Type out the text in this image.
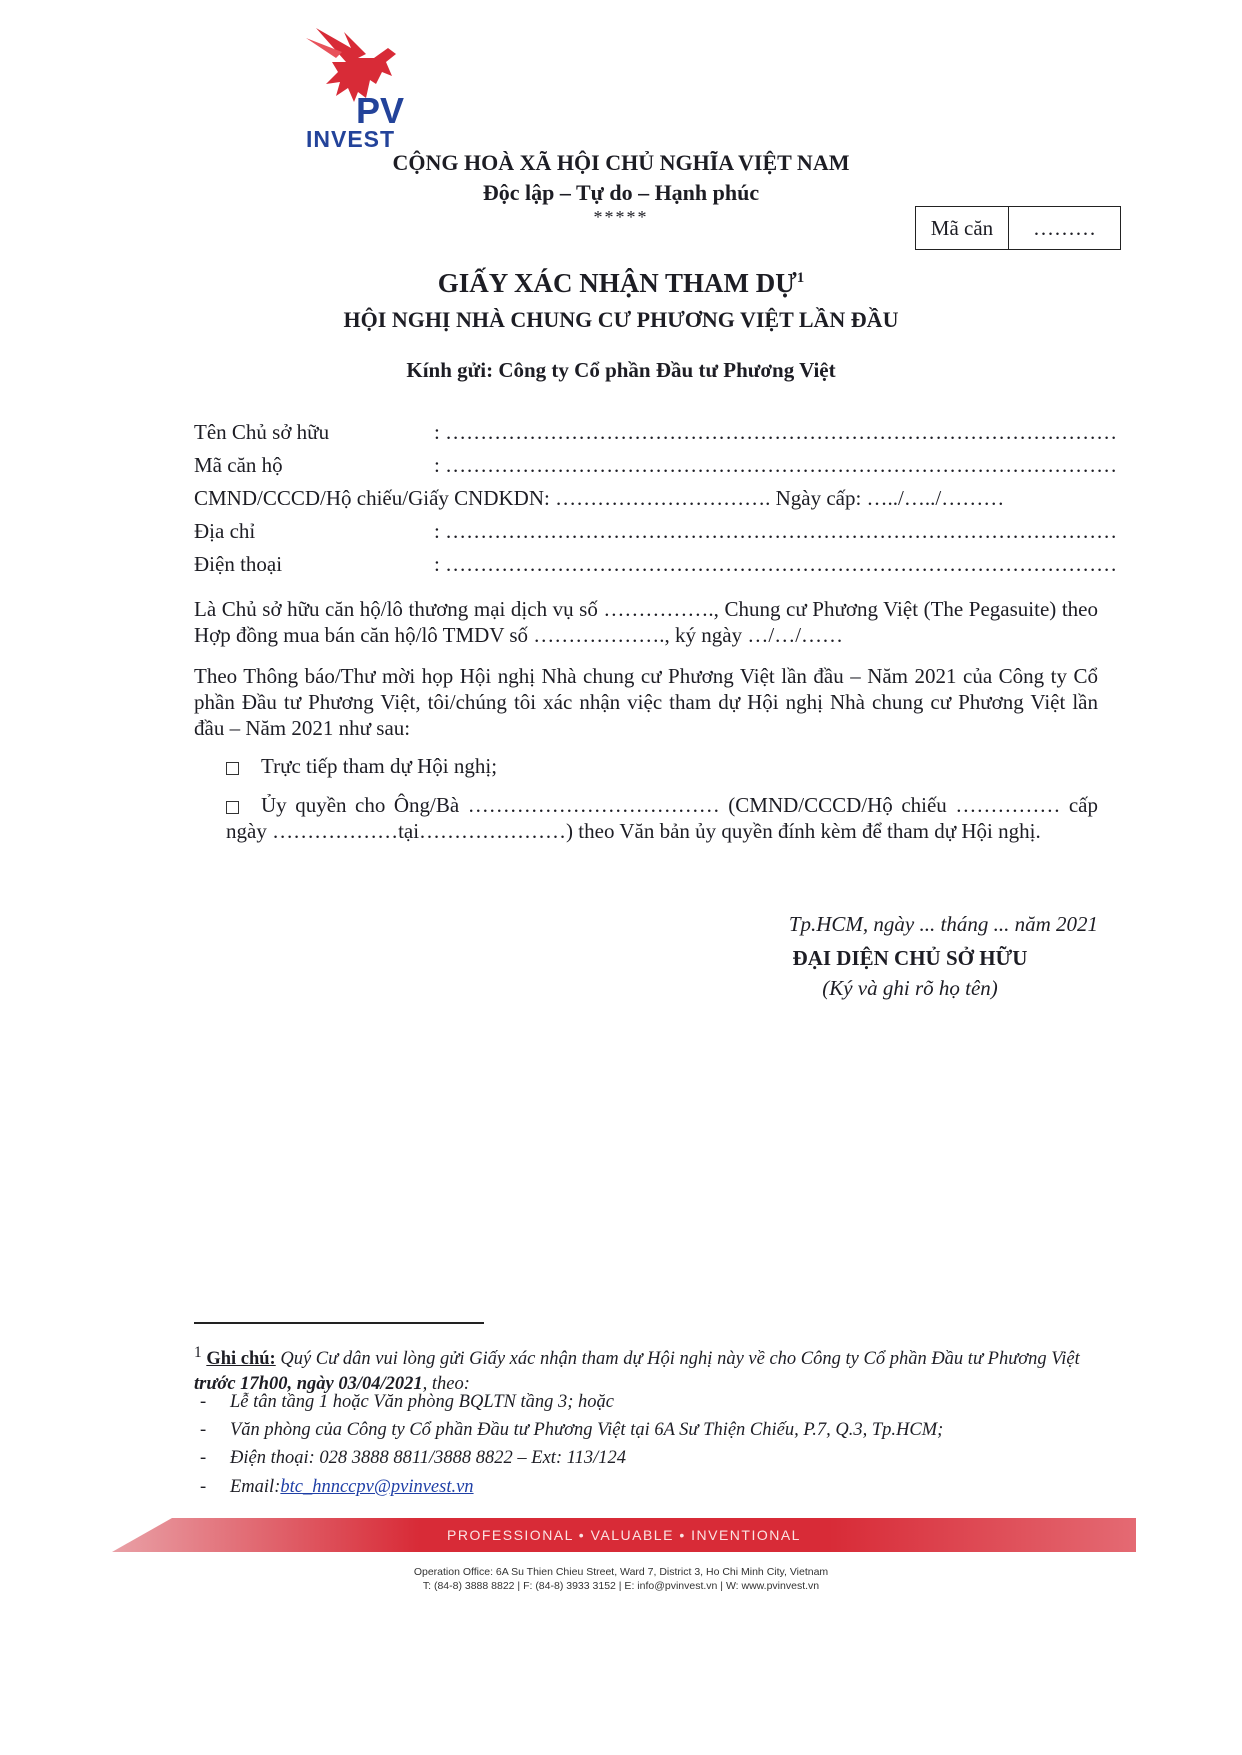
PV
INVEST
CỘNG HOÀ XÃ HỘI CHỦ NGHĨA VIỆT NAM
Độc lập – Tự do – Hạnh phúc
*****	Mã căn	………
GIẤY XÁC NHẬN THAM DỰ$^1$
HỘI NGHỊ NHÀ CHUNG CƯ PHƯƠNG VIỆT LẦN ĐẦU
Kính gửi: Công ty Cổ phần Đầu tư Phương Việt
Tên Chủ sở hữu	: ……………………………………………………………………………………
Mã căn hộ	: ……………………………………………………………………………………
CMND/CCCD/Hộ chiếu/Giấy CNDKDN: …………………………. Ngày cấp: …../…../………
Địa chỉ	: ……………………………………………………………………………………
Điện thoại	: ……………………………………………………………………………………
Là Chủ sở hữu căn hộ/lô thương mại dịch vụ số ……………., Chung cư Phương Việt (The Pegasuite) theo Hợp đồng mua bán căn hộ/lô TMDV số ………………., ký ngày …/…/……
Theo Thông báo/Thư mời họp Hội nghị Nhà chung cư Phương Việt lần đầu – Năm 2021 của Công ty Cổ phần Đầu tư Phương Việt, tôi/chúng tôi xác nhận việc tham dự Hội nghị Nhà chung cư Phương Việt lần đầu – Năm 2021 như sau:
Trực tiếp tham dự Hội nghị;
Ủy quyền cho Ông/Bà ……………………………… (CMND/CCCD/Hộ chiếu …………… cấp ngày ………………tại…………………) theo Văn bản ủy quyền đính kèm để tham dự Hội nghị.
Tp.HCM, ngày ... tháng ... năm 2021
ĐẠI DIỆN CHỦ SỞ HỮU
(Ký và ghi rõ họ tên)
$^1$ Ghi chú: Quý Cư dân vui lòng gửi Giấy xác nhận tham dự Hội nghị này về cho Công ty Cổ phần Đầu tư Phương Việt trước 17h00, ngày 03/04/2021, theo:
- Lễ tân tầng 1 hoặc Văn phòng BQLTN tầng 3; hoặc
- Văn phòng của Công ty Cổ phần Đầu tư Phương Việt tại 6A Sư Thiện Chiếu, P.7, Q.3, Tp.HCM;
- Điện thoại: 028 3888 8811/3888 8822 – Ext: 113/124
- Email:btc_hnnccpv@pvinvest.vn
PROFESSIONAL • VALUABLE • INVENTIONAL
Operation Office: 6A Su Thien Chieu Street, Ward 7, District 3, Ho Chi Minh City, Vietnam
T: (84-8) 3888 8822 | F: (84-8) 3933 3152 | E: info@pvinvest.vn | W: www.pvinvest.vn
